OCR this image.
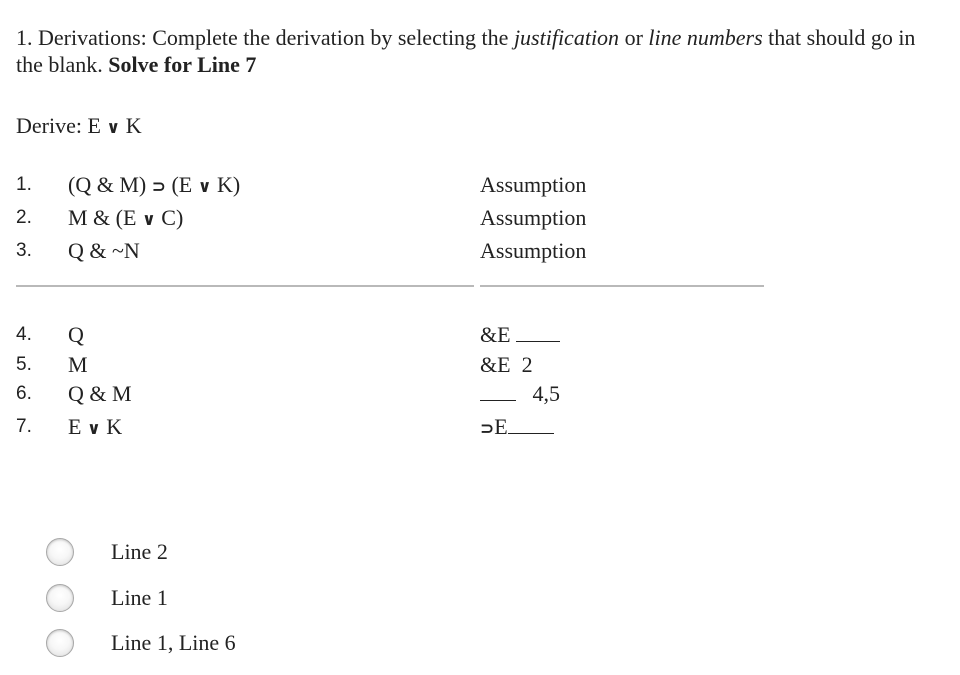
1. Derivations: Complete the derivation by selecting the justification or line numbers that should go in the blank. Solve for Line 7
Derive: E ∨ K
1. (Q & M) ⊃ (E ∨ K)	Assumption
2. M & (E ∨ C)	Assumption
3. Q & ~N	Assumption
4. Q	&E
5. M	&E 2
6. Q & M	4,5
7. E ∨ K	⊃E
Line 2
Line 1
Line 1, Line 6
